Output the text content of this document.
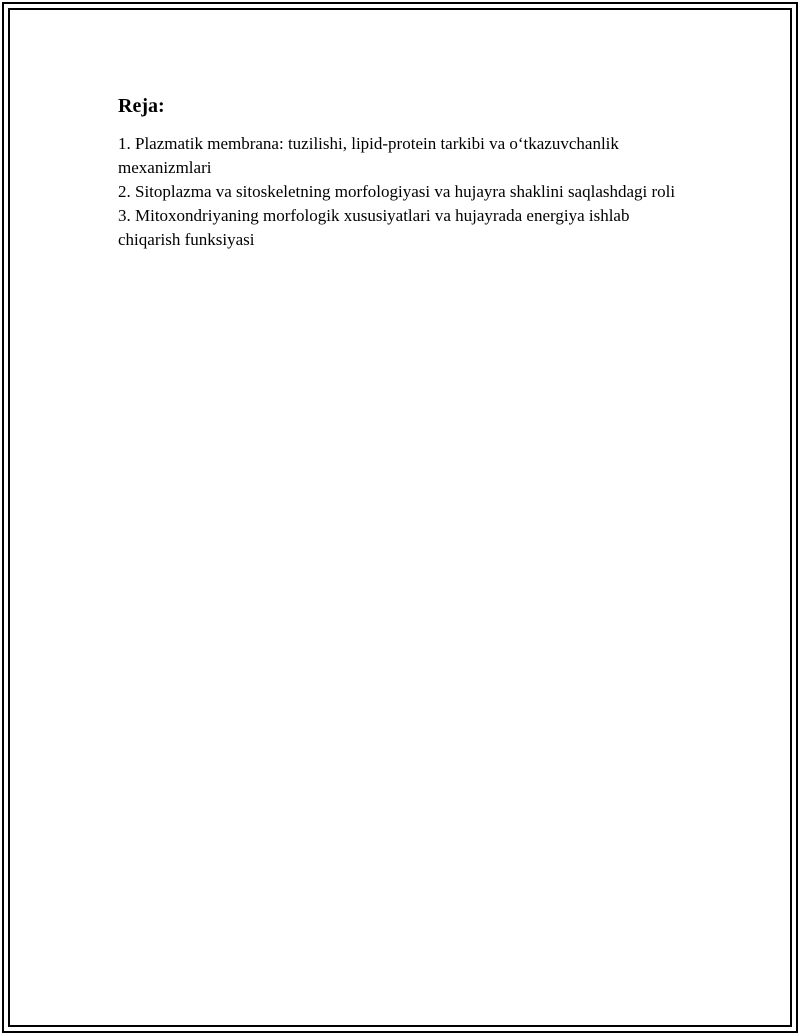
Reja:
1. Plazmatik membrana: tuzilishi, lipid-protein tarkibi va o‘tkazuvchanlik mexanizmlari
2. Sitoplazma va sitoskeletning morfologiyasi va hujayra shaklini saqlashdagi roli
3. Mitoxondriyaning morfologik xususiyatlari va hujayrada energiya ishlab chiqarish funksiyasi
